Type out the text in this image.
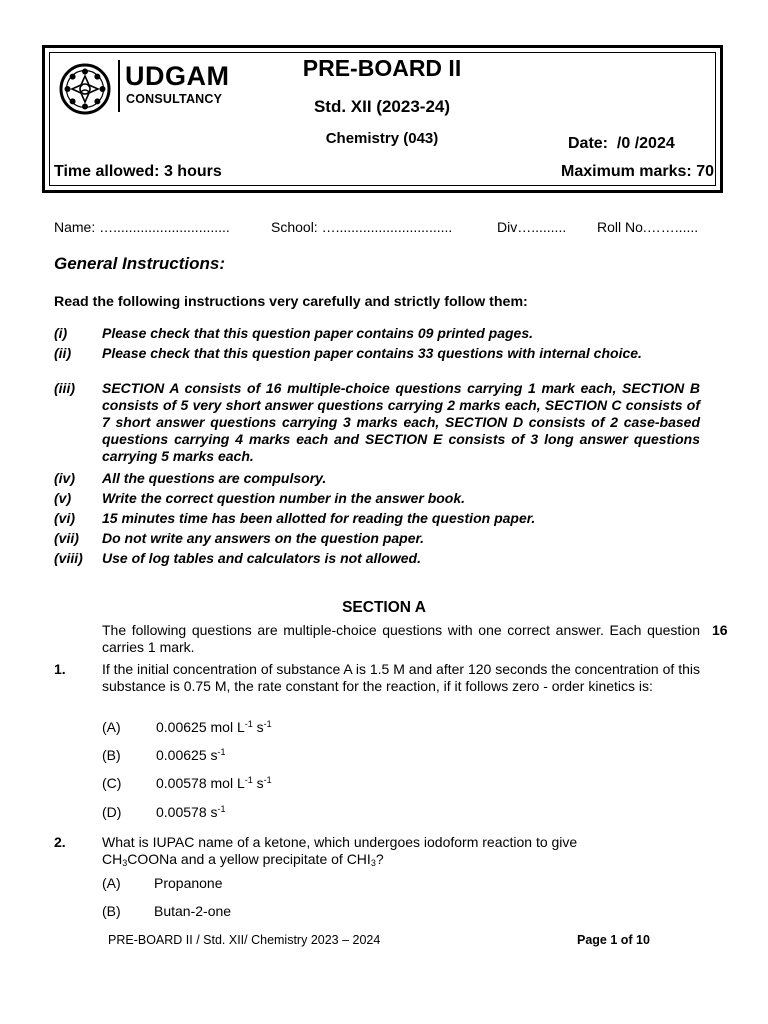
UDGAM
CONSULTANCY
PRE-BOARD II
Std. XII (2023-24)
Chemistry (043)	Date: /0 /2024
Time allowed: 3 hours	Maximum marks: 70
Name: …..............................	School: …..............................	Div…......... Roll No.……......
General Instructions:
Read the following instructions very carefully and strictly follow them:
(i) Please check that this question paper contains 09 printed pages.
(ii) Please check that this question paper contains 33 questions with internal choice.
(iii) SECTION A consists of 16 multiple-choice questions carrying 1 mark each, SECTION B consists of 5 very short answer questions carrying 2 marks each, SECTION C consists of 7 short answer questions carrying 3 marks each, SECTION D consists of 2 case-based questions carrying 4 marks each and SECTION E consists of 3 long answer questions carrying 5 marks each.
(iv) All the questions are compulsory.
(v) Write the correct question number in the answer book.
(vi) 15 minutes time has been allotted for reading the question paper.
(vii) Do not write any answers on the question paper.
(viii) Use of log tables and calculators is not allowed.
SECTION A
The following questions are multiple-choice questions with one correct answer. Each question carries 1 mark.
16
1.	If the initial concentration of substance A is 1.5 M and after 120 seconds the concentration of this substance is 0.75 M, the rate constant for the reaction, if it follows zero - order kinetics is:
(A)	0.00625 mol $L^{-1}$ $s^{-1}$
(B)	0.00625 $s^{-1}$
(C) 0.00578 mol $L^{-1}$ $s^{-1}$
(D) 0.00578 $s^{-1}$
2.	What is IUPAC name of a ketone, which undergoes iodoform reaction to give
$CH_3COONa$ and a yellow precipitate of $CHI_3$?
(A) Propanone
(B) Butan-2-one
PRE-BOARD II / Std. XII/ Chemistry 2023 – 2024	Page 1 of 10
